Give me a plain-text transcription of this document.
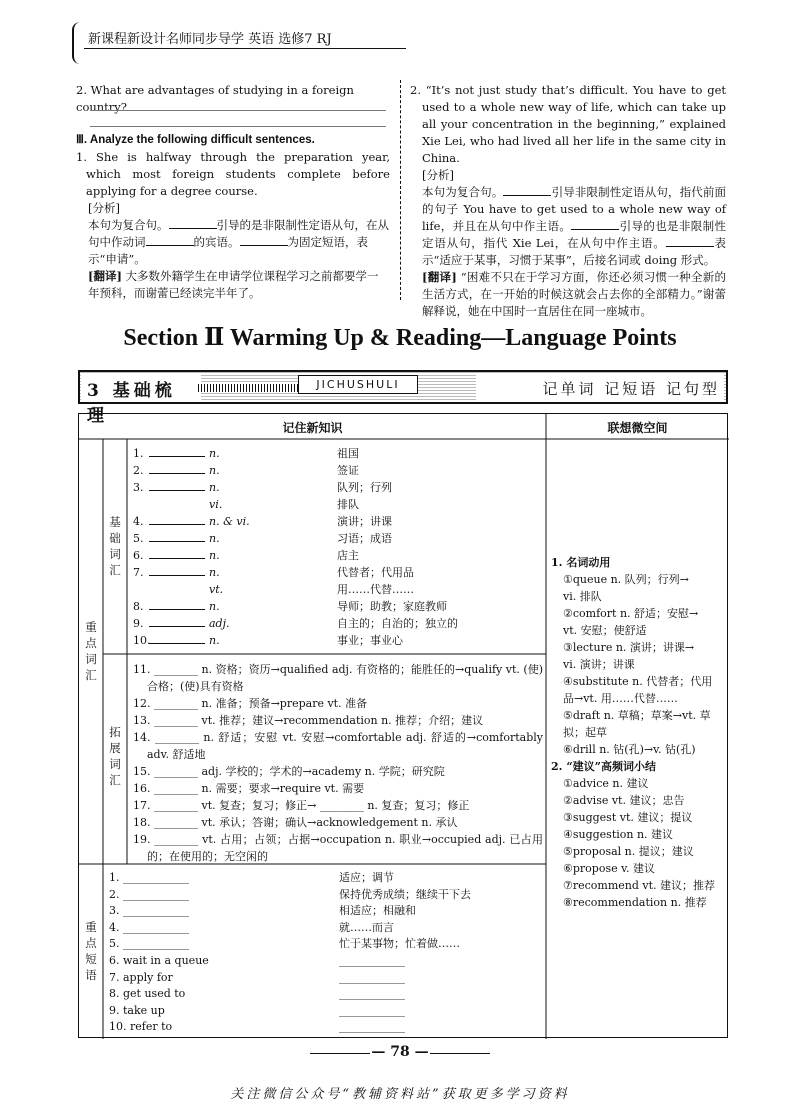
新课程新设计名师同步导学 英语 选修7 RJ

2. What are advantages of studying in a foreign country?

Ⅲ. Analyze the following difficult sentences.

1. She is halfway through the preparation year, which most foreign students complete before applying for a degree course.

[分析]

本句为复合句。	引导的是非限制性定语从句，在从句中作动词	的宾语。	为固定短语，表示“申请”。

[翻译] 大多数外籍学生在申请学位课程学习之前都要学一年预科，而谢蕾已经读完半年了。

2. “It’s not just study that’s difficult. You have to get used to a whole new way of life, which can take up all your concentration in the beginning,” explained Xie Lei, who had lived all her life in the same city in China.

[分析]

本句为复合句。	引导非限制性定语从句，指代前面的句子 You have to get used to a whole new way of life，并且在从句中作主语。	引导的也是非限制性定语从句，指代 Xie Lei，在从句中作主语。	表示“适应于某事，习惯于某事”，后接名词或 doing 形式。

[翻译] “困难不只在于学习方面，你还必须习惯一种全新的生活方式，在一开始的时候这就会占去你的全部精力。”谢蕾解释说，她在中国时一直居住在同一座城市。

Section Ⅱ Warming Up & Reading—Language Points
3 基础梳理
JICHUSHULI	记单词 记短语 记句型
记住新知识	联想微空间
重点词汇
基础词汇
拓展词汇
重点短语
1.	n.	祖国
2.	n.	签证
3.	n.	队列；行列
vi.	排队
4.	n. & vi.	演讲；讲课
5.	n.	习语；成语
6.	n.	店主
7.	n.	代替者；代用品
vt.	用……代替……
8.	n.	导师；助教；家庭教师
9.	adj.	自主的；自治的；独立的
10.	n.	事业；事业心
11. ________ n. 资格；资历→qualified adj. 有资格的；能胜任的→qualify vt. (使)合格；(使)具有资格
12. ________ n. 准备；预备→prepare vt. 准备
13. ________ vt. 推荐；建议→recommendation n. 推荐；介绍；建议
14. ________ n. 舒适；安慰 vt. 安慰→comfortable adj. 舒适的→comfortably adv. 舒适地
15. ________ adj. 学校的；学术的→academy n. 学院；研究院
16. ________ n. 需要；要求→require vt. 需要
17. ________ vt. 复查；复习；修正→ ________ n. 复查；复习；修正
18. ________ vt. 承认；答谢；确认→acknowledgement n. 承认
19. ________ vt. 占用；占领；占据→occupation n. 职业→occupied adj. 已占用的；在使用的；无空闲的
1. ____________	适应；调节
2. ____________	保持优秀成绩；继续干下去
3. ____________	相适应；相融和
4. ____________	就……而言
5. ____________	忙于某事物；忙着做……
6. wait in a queue	____________
7. apply for	____________
8. get used to	____________
9. take up	____________
10. refer to	____________
1. 名词动用
①queue n. 队列；行列→
vi. 排队
②comfort n. 舒适；安慰→
vt. 安慰；使舒适
③lecture n. 演讲；讲课→
vi. 演讲；讲课
④substitute n. 代替者；代用
品→vt. 用……代替……
⑤draft n. 草稿；草案→vt. 草
拟；起草
⑥drill n. 钻(孔)→v. 钻(孔)
2. “建议”高频词小结
①advice n. 建议
②advise vt. 建议；忠告
③suggest vt. 建议；提议
④suggestion n. 建议
⑤proposal n. 提议；建议
⑥propose v. 建议
⑦recommend vt. 建议；推荐
⑧recommendation n. 推荐
— 78 —
关注微信公众号“教辅资料站”获取更多学习资料
